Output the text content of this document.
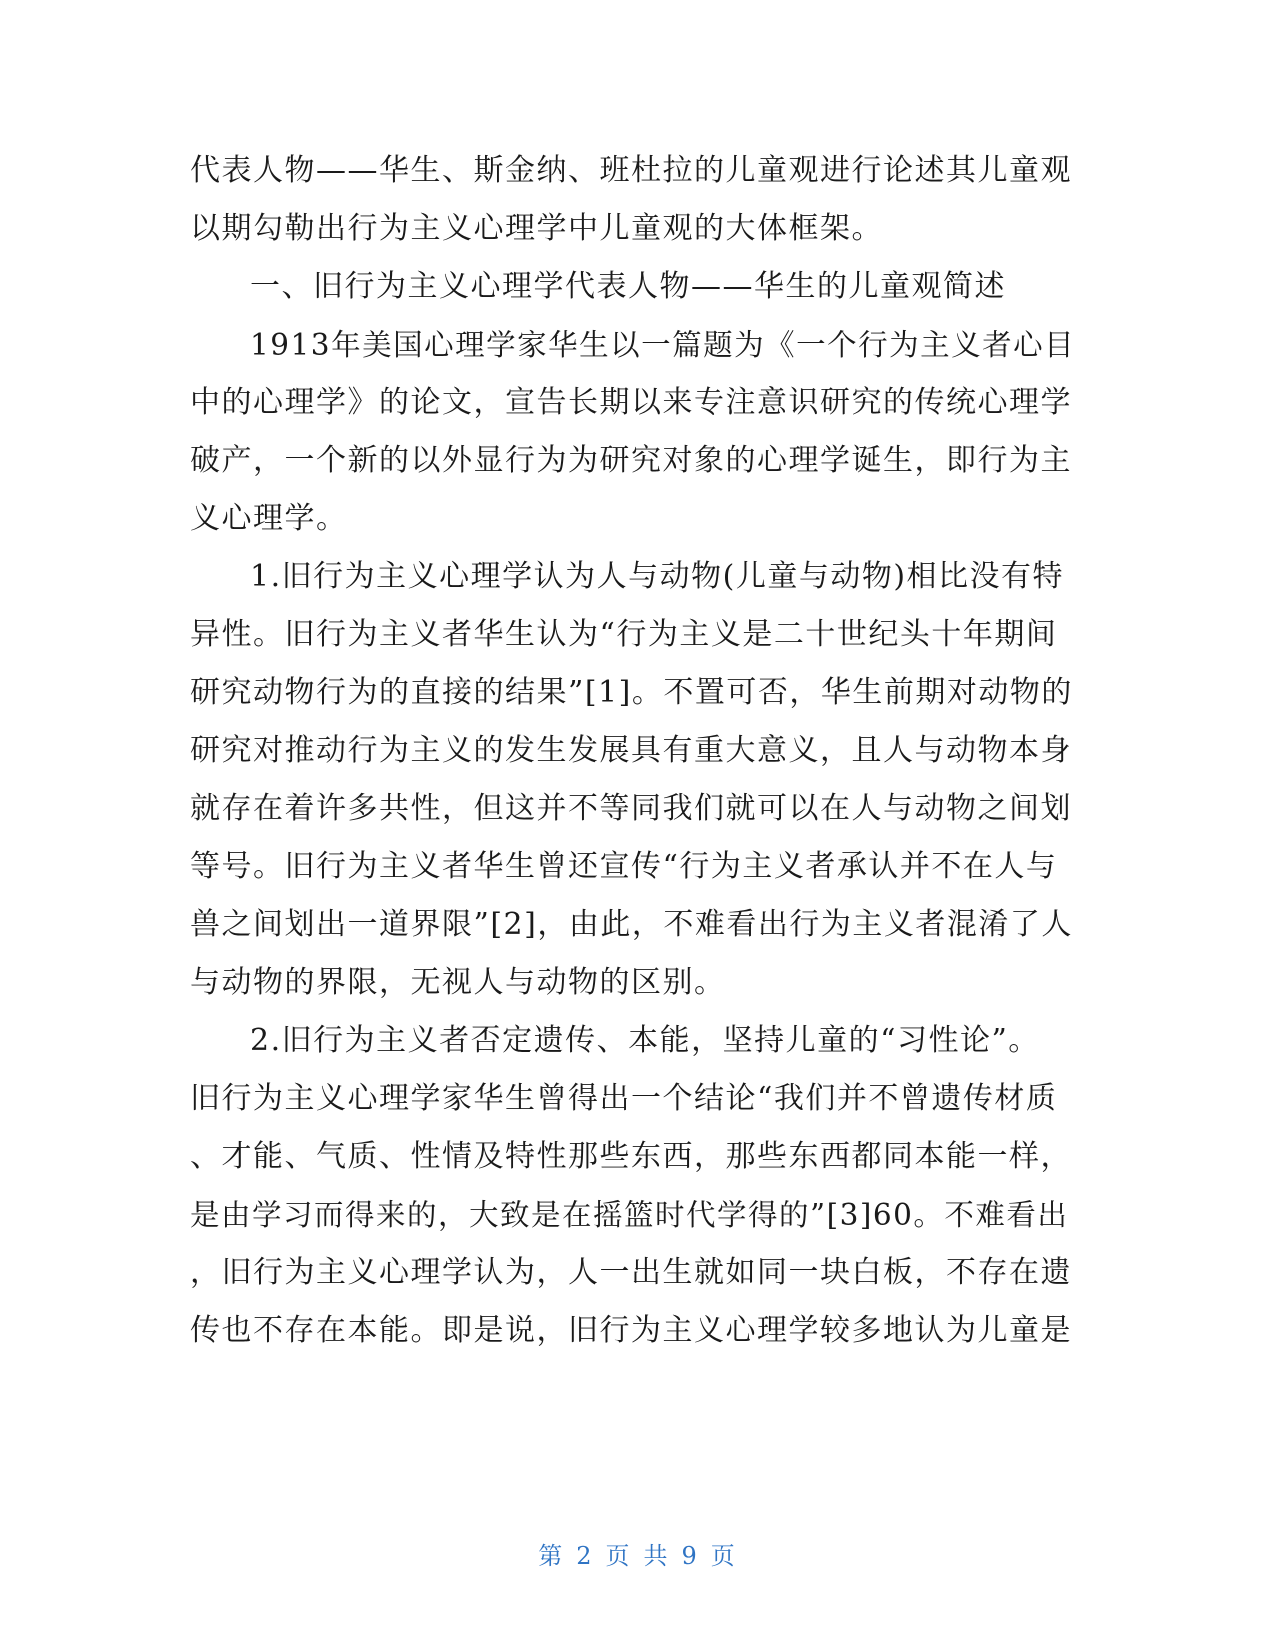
代表人物——华生、斯金纳、班杜拉的儿童观进行论述其儿童观
以期勾勒出行为主义心理学中儿童观的大体框架。
一、旧行为主义心理学代表人物——华生的儿童观简述
1913年美国心理学家华生以一篇题为《一个行为主义者心目
中的心理学》的论文，宣告长期以来专注意识研究的传统心理学
破产，一个新的以外显行为为研究对象的心理学诞生，即行为主
义心理学。
1.旧行为主义心理学认为人与动物(儿童与动物)相比没有特
异性。旧行为主义者华生认为“行为主义是二十世纪头十年期间
研究动物行为的直接的结果”[1]。不置可否，华生前期对动物的
研究对推动行为主义的发生发展具有重大意义，且人与动物本身
就存在着许多共性，但这并不等同我们就可以在人与动物之间划
等号。旧行为主义者华生曾还宣传“行为主义者承认并不在人与
兽之间划出一道界限”[2]，由此，不难看出行为主义者混淆了人
与动物的界限，无视人与动物的区别。
2.旧行为主义者否定遗传、本能，坚持儿童的“习性论”。
旧行为主义心理学家华生曾得出一个结论“我们并不曾遗传材质
、才能、气质、性情及特性那些东西，那些东西都同本能一样，
是由学习而得来的，大致是在摇篮时代学得的”[3]60。不难看出
，旧行为主义心理学认为，人一出生就如同一块白板，不存在遗
传也不存在本能。即是说，旧行为主义心理学较多地认为儿童是
第 2 页 共 9 页
